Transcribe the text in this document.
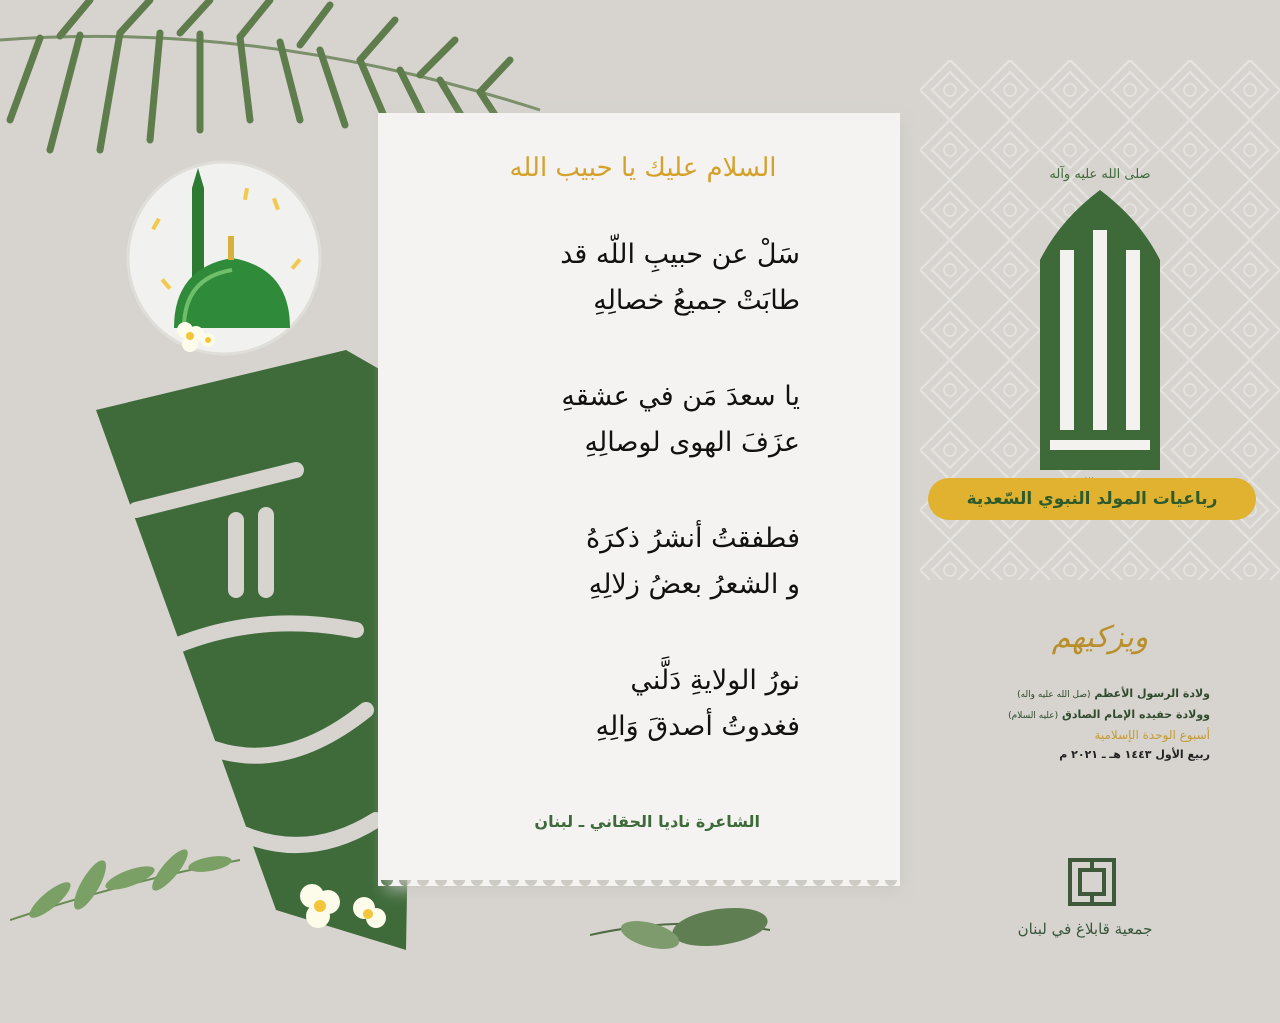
السلام عليك يا حبيب الله
سَلْ عن حبيبِ اللّه قد
طابَتْ جميعُ خصالِهِ
يا سعدَ مَن في عشقهِ
عزَفَ الهوى لوصالِهِ
فطفقتُ أنشرُ ذكرَهُ
و الشعرُ بعضُ زلالِهِ
نورُ الولايةِ دَلَّني
فغدوتُ أصدقَ وَالِهِ
الشاعرة ناديا الحقاني ـ لبنان
صلى الله عليه وآله
رباعيات المولد النبوي السّعدية
ويزكيهم
ولادة الرسول الأعظم (صل الله عليه واله)
وولادة حفيده الإمام الصادق (عليه السلام)
أسبوع الوحدة الإسلامية
ربيع الأول ١٤٤٣ هـ ـ ٢٠٢١ م
جمعية قابلاغ في لبنان
